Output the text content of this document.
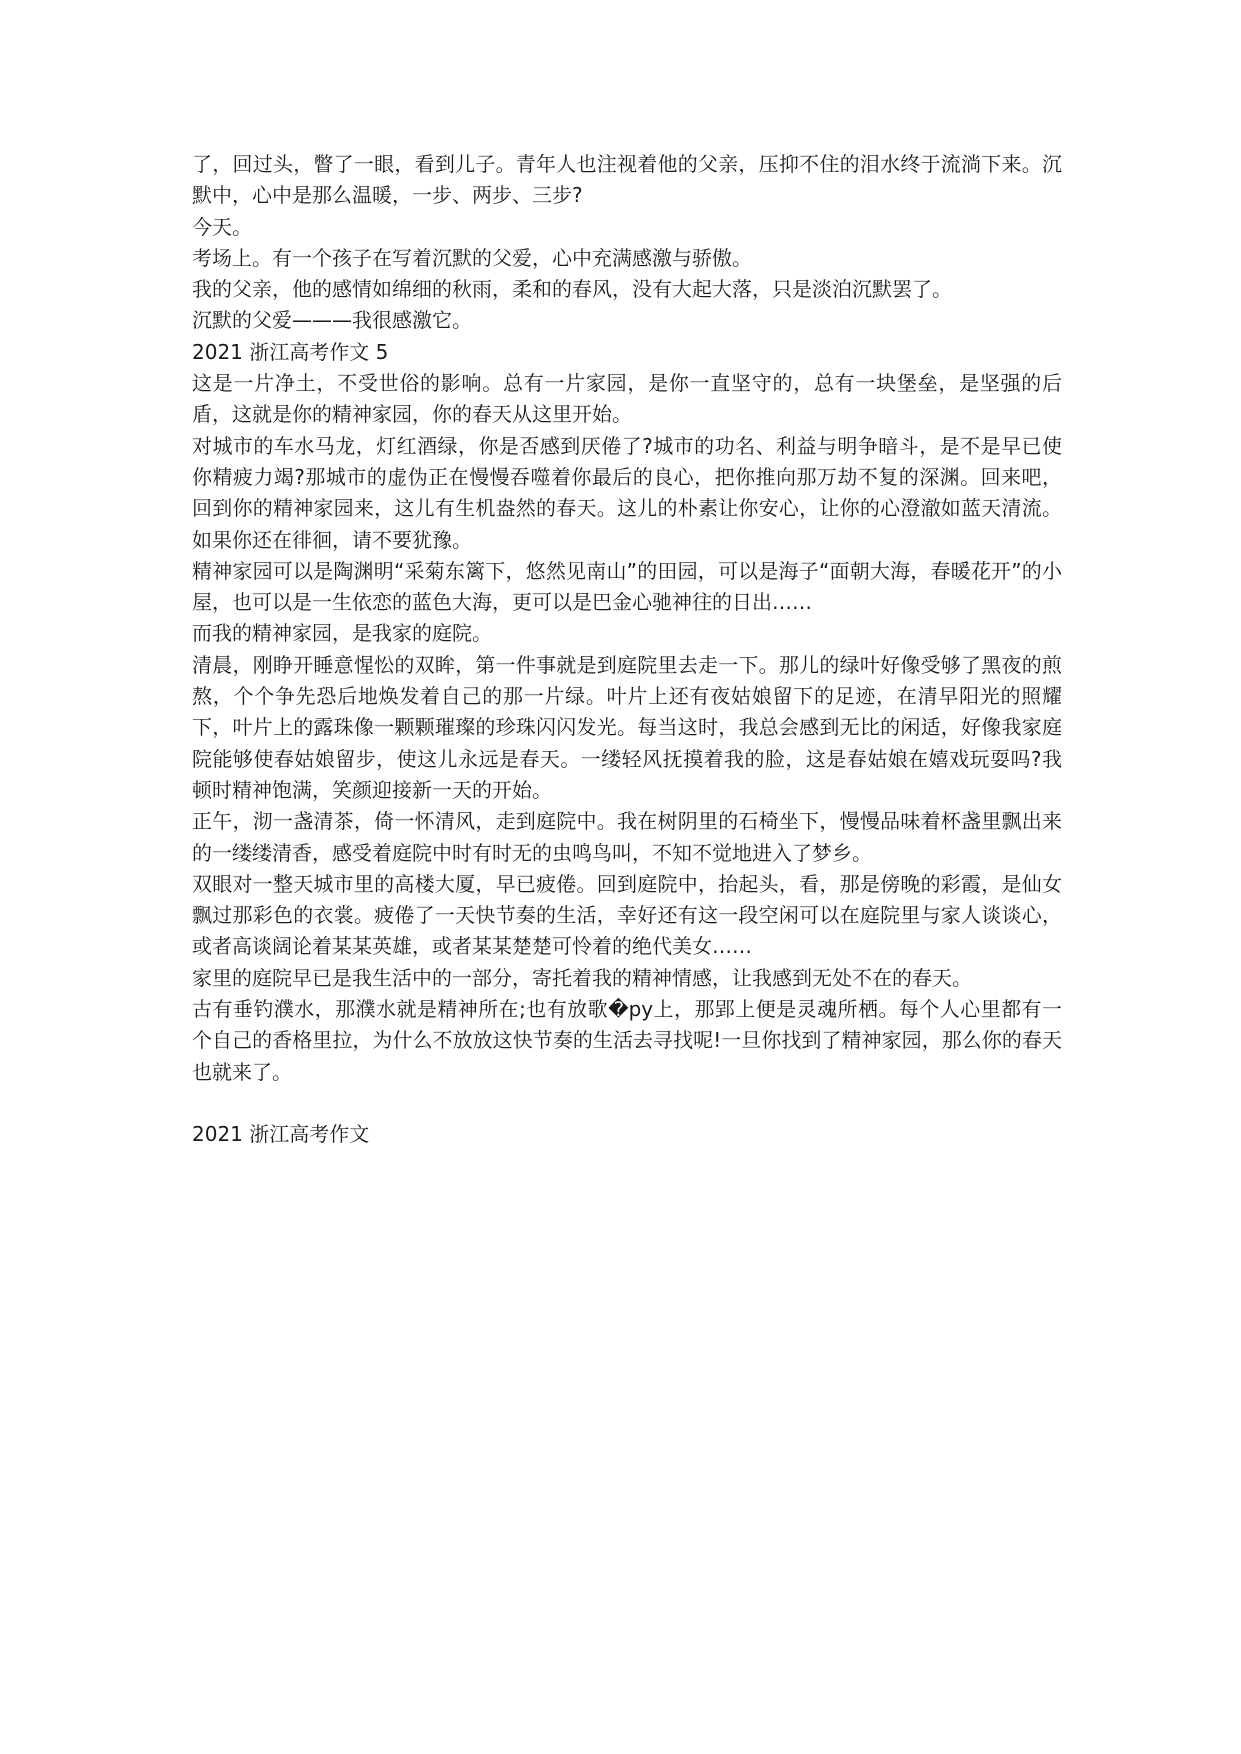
了，回过头，瞥了一眼，看到儿子。青年人也注视着他的父亲，压抑不住的泪水终于流淌下来。沉默中，心中是那么温暖，一步、两步、三步?

今天。

考场上。有一个孩子在写着沉默的父爱，心中充满感激与骄傲。

我的父亲，他的感情如绵细的秋雨，柔和的春风，没有大起大落，只是淡泊沉默罢了。

沉默的父爱———我很感激它。

2021 浙江高考作文 5

这是一片净土，不受世俗的影响。总有一片家园，是你一直坚守的，总有一块堡垒，是坚强的后盾，这就是你的精神家园，你的春天从这里开始。

对城市的车水马龙，灯红酒绿，你是否感到厌倦了?城市的功名、利益与明争暗斗，是不是早已使你精疲力竭?那城市的虚伪正在慢慢吞噬着你最后的良心，把你推向那万劫不复的深渊。回来吧，回到你的精神家园来，这儿有生机盎然的春天。这儿的朴素让你安心，让你的心澄澈如蓝天清流。如果你还在徘徊，请不要犹豫。

精神家园可以是陶渊明“采菊东篱下，悠然见南山”的田园，可以是海子“面朝大海，春暖花开”的小屋，也可以是一生依恋的蓝色大海，更可以是巴金心驰神往的日出……

而我的精神家园，是我家的庭院。

清晨，刚睁开睡意惺忪的双眸，第一件事就是到庭院里去走一下。那儿的绿叶好像受够了黑夜的煎熬，个个争先恐后地焕发着自己的那一片绿。叶片上还有夜姑娘留下的足迹，在清早阳光的照耀下，叶片上的露珠像一颗颗璀璨的珍珠闪闪发光。每当这时，我总会感到无比的闲适，好像我家庭院能够使春姑娘留步，使这儿永远是春天。一缕轻风抚摸着我的脸，这是春姑娘在嬉戏玩耍吗?我顿时精神饱满，笑颜迎接新一天的开始。

正午，沏一盏清茶，倚一怀清风，走到庭院中。我在树阴里的石椅坐下，慢慢品味着杯盏里飘出来的一缕缕清香，感受着庭院中时有时无的虫鸣鸟叫，不知不觉地进入了梦乡。

双眼对一整天城市里的高楼大厦，早已疲倦。回到庭院中，抬起头，看，那是傍晚的彩霞，是仙女飘过那彩色的衣裳。疲倦了一天快节奏的生活，幸好还有这一段空闲可以在庭院里与家人谈谈心，或者高谈阔论着某某英雄，或者某某楚楚可怜着的绝代美女……

家里的庭院早已是我生活中的一部分，寄托着我的精神情感，让我感到无处不在的春天。

古有垂钓濮水，那濮水就是精神所在;也有放歌�py上，那郢上便是灵魂所栖。每个人心里都有一个自己的香格里拉，为什么不放放这快节奏的生活去寻找呢!一旦你找到了精神家园，那么你的春天也就来了。

2021 浙江高考作文
